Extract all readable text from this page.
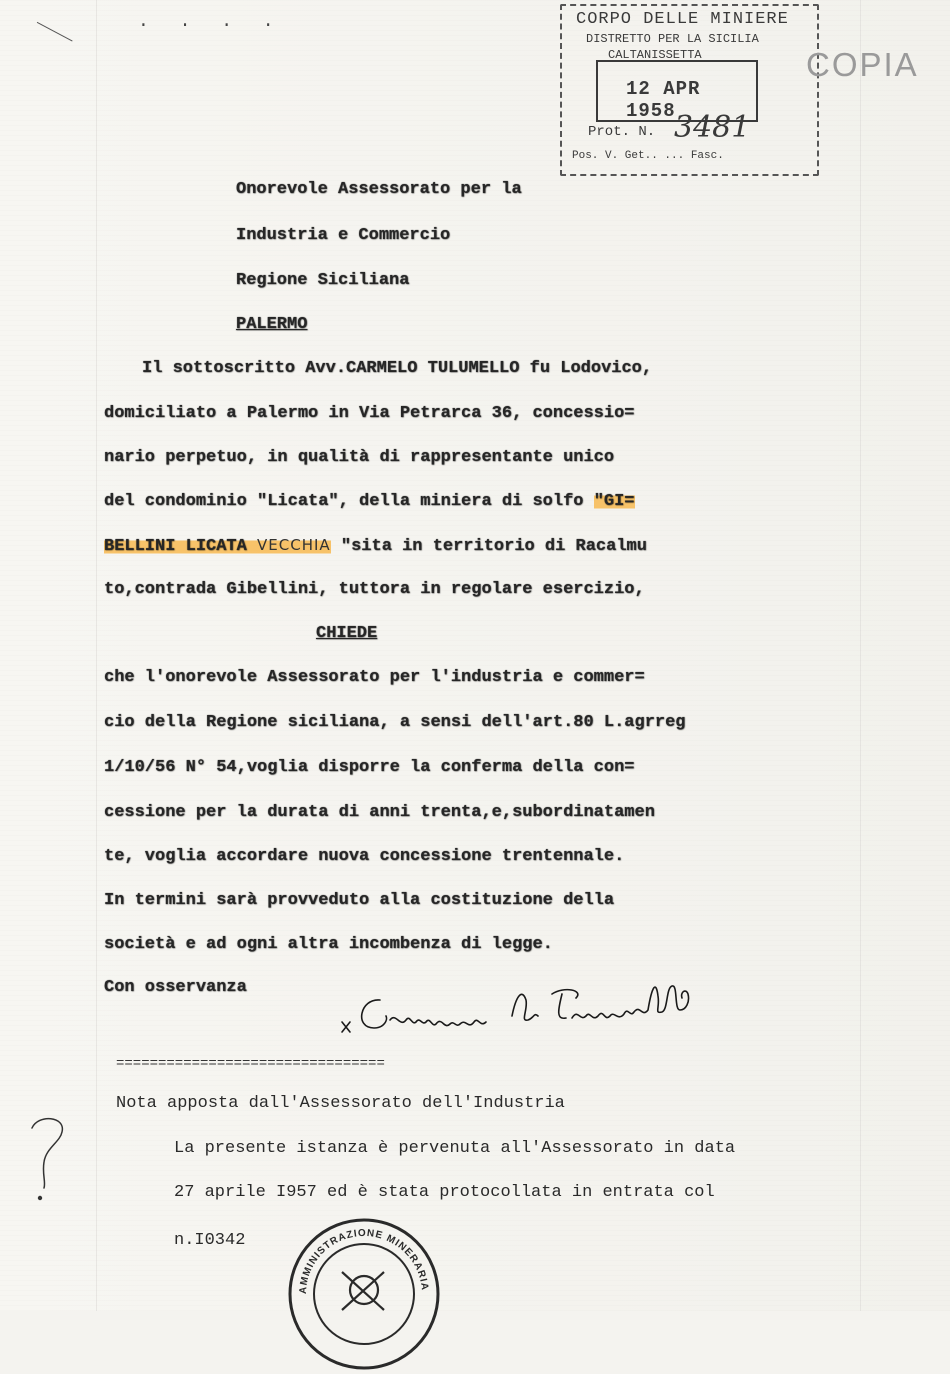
. . . .	CORPO DELLE MINIERE
DISTRETTO PER LA SICILIA
CALTANISSETTA
12 APR 1958
Prot. N. 3481
Pos. V. Get.. ... Fasc.
COPIA
Onorevole Assessorato per la
Industria e Commercio
Regione Siciliana
PALERMO
Il sottoscritto Avv.CARMELO TULUMELLO fu Lodovico,
domiciliato a Palermo in Via Petrarca 36, concessio=
nario perpetuo, in qualità di rappresentante unico
del condominio "Licata", della miniera di solfo "GI=
BELLINI LICATA VECCHIA "sita in territorio di Racalmu
to,contrada Gibellini, tuttora in regolare esercizio,
CHIEDE
che l'onorevole Assessorato per l'industria e commer=
cio della Regione siciliana, a sensi dell'art.80 L.agrreg
1/10/56 N° 54,voglia disporre la conferma della con=
cessione per la durata di anni trenta,e,subordinatamen
te, voglia accordare nuova concessione trentennale.
In termini sarà provveduto alla costituzione della
società e ad ogni altra incombenza di legge.
Con osservanza
================================
Nota apposta dall'Assessorato dell'Industria
La presente istanza è pervenuta all'Assessorato in data
27 aprile I957 ed è stata protocollata in entrata col
n.I0342
AMMINISTRAZIONE MINERARIA
